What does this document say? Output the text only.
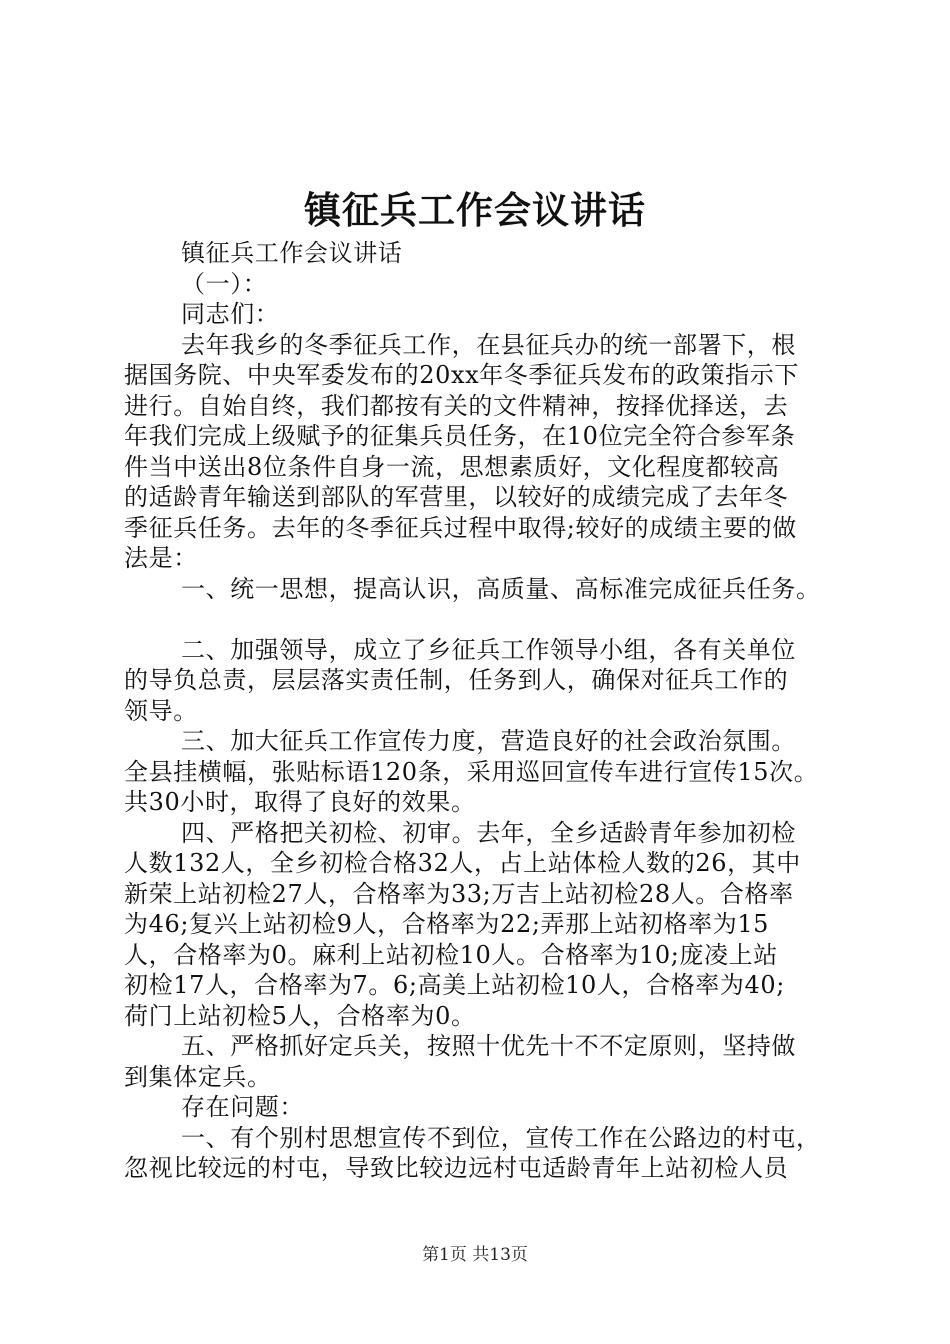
镇征兵工作会议讲话
镇征兵工作会议讲话
（一）：
同志们：
去年我乡的冬季征兵工作，在县征兵办的统一部署下，根
据国务院、中央军委发布的20xx年冬季征兵发布的政策指示下
进行。自始自终，我们都按有关的文件精神，按择优择送，去
年我们完成上级赋予的征集兵员任务，在10位完全符合参军条
件当中送出8位条件自身一流，思想素质好，文化程度都较高
的适龄青年输送到部队的军营里，以较好的成绩完成了去年冬
季征兵任务。去年的冬季征兵过程中取得;较好的成绩主要的做
法是：
一、统一思想，提高认识，高质量、高标准完成征兵任务。
二、加强领导，成立了乡征兵工作领导小组，各有关单位
的导负总责，层层落实责任制，任务到人，确保对征兵工作的
领导。
三、加大征兵工作宣传力度，营造良好的社会政治氛围。
全县挂横幅，张贴标语120条，采用巡回宣传车进行宣传15次。
共30小时，取得了良好的效果。
四、严格把关初检、初审。去年，全乡适龄青年参加初检
人数132人，全乡初检合格32人，占上站体检人数的26，其中
新荣上站初检27人，合格率为33;万吉上站初检28人。合格率
为46;复兴上站初检9人，合格率为22;弄那上站初格率为15
人，合格率为0。麻利上站初检10人。合格率为10;庞凌上站
初检17人，合格率为7。6;高美上站初检10人，合格率为40;
荷门上站初检5人，合格率为0。
五、严格抓好定兵关，按照十优先十不不定原则，坚持做
到集体定兵。
存在问题：
一、有个别村思想宣传不到位，宣传工作在公路边的村屯，
忽视比较远的村屯，导致比较边远村屯适龄青年上站初检人员
第1页 共13页
